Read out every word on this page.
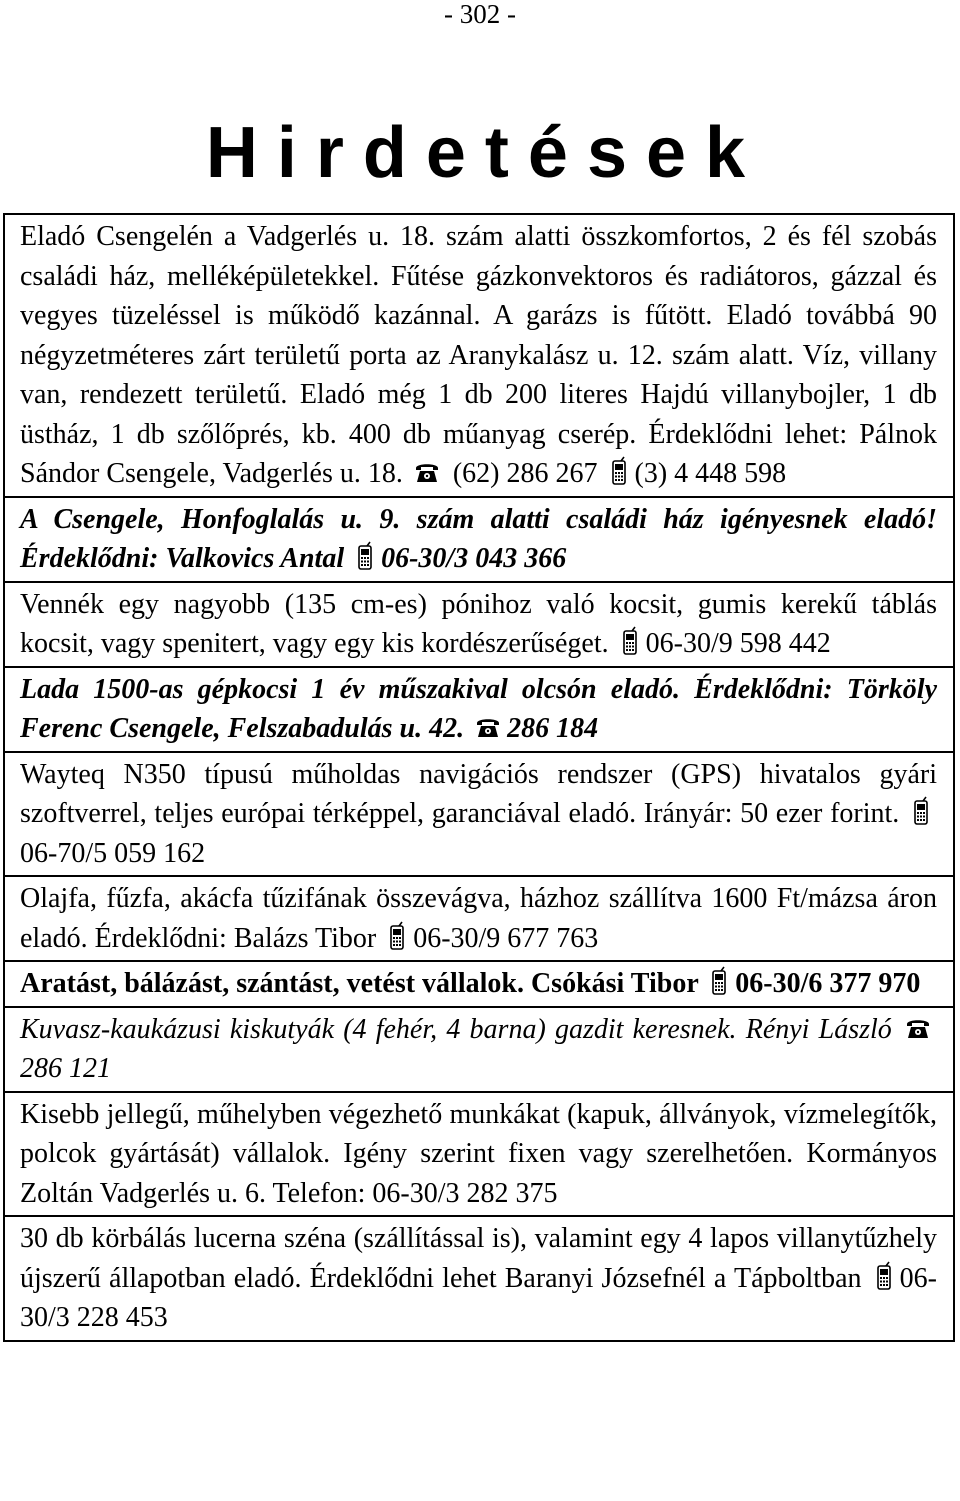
- 302 -
Hirdetések
Eladó Csengelén a Vadgerlés u. 18. szám alatti összkomfortos, 2 és fél szobás családi ház, melléképületekkel. Fűtése gázkonvektoros és radiátoros, gázzal és vegyes tüzeléssel is működő kazánnal. A garázs is fűtött. Eladó továbbá 90 négyzetméteres zárt területű porta az Aranykalász u. 12. szám alatt. Víz, villany van, rendezett területű. Eladó még 1 db 200 literes Hajdú villanybojler, 1 db üstház, 1 db szőlőprés, kb. 400 db műanyag cserép. Érdeklődni lehet: Pálnok Sándor Csengele, Vadgerlés u. 18.
(62) 286 267
(3) 4 448 598
A Csengele, Honfoglalás u. 9. szám alatti családi ház igényesnek eladó! Érdeklődni: Valkovics Antal
06-30/3 043 366
Vennék egy nagyobb (135 cm-es) pónihoz való kocsit, gumis kerekű táblás kocsit, vagy spenitert, vagy egy kis kordészerűséget.
06-30/9 598 442
Lada 1500-as gépkocsi 1 év műszakival olcsón eladó. Érdeklődni: Törköly Ferenc Csengele, Felszabadulás u. 42.
286 184
Wayteq N350 típusú műholdas navigációs rendszer (GPS) hivatalos gyári szoftverrel, teljes európai térképpel, garanciával eladó. Irányár: 50 ezer forint.
06-70/5 059 162
Olajfa, fűzfa, akácfa tűzifának összevágva, házhoz szállítva 1600 Ft/mázsa áron eladó. Érdeklődni: Balázs Tibor
06-30/9 677 763
Aratást, bálázást, szántást, vetést vállalok. Csókási Tibor
06-30/6 377 970
Kuvasz-kaukázusi kiskutyák (4 fehér, 4 barna) gazdit keresnek. Rényi László
286 121
Kisebb jellegű, műhelyben végezhető munkákat (kapuk, állványok, vízmelegítők, polcok gyártását) vállalok. Igény szerint fixen vagy szerelhetően. Kormányos Zoltán Vadgerlés u. 6. Telefon: 06-30/3 282 375
30 db körbálás lucerna széna (szállítással is), valamint egy 4 lapos villanytűzhely újszerű állapotban eladó. Érdeklődni lehet Baranyi Józsefnél a Tápboltban
06-30/3 228 453
